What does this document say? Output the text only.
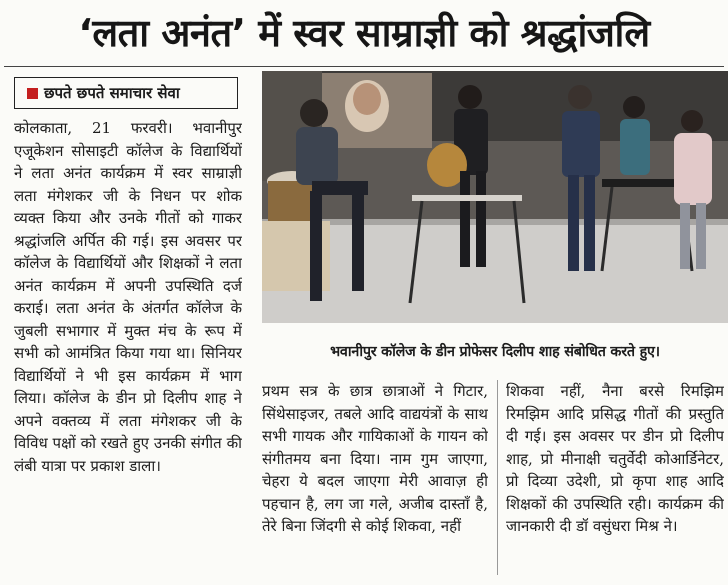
‘लता अनंत’ में स्वर साम्राज्ञी को श्रद्धांजलि
छपते छपते समाचार सेवा

कोलकाता, 21 फरवरी। भवानीपुर एजूकेशन सोसाइटी कॉलेज के विद्यार्थियों ने लता अनंत कार्यक्रम में स्वर साम्राज्ञी लता मंगेशकर जी के निधन पर शोक व्यक्त किया और उनके गीतों को गाकर श्रद्धांजलि अर्पित की गई। इस अवसर पर कॉलेज के विद्यार्थियों और शिक्षकों ने लता अनंत कार्यक्रम में अपनी उपस्थिति दर्ज कराई। लता अनंत के अंतर्गत कॉलेज के जुबली सभागार में मुक्त मंच के रूप में सभी को आमंत्रित किया गया था। सिनियर विद्यार्थियों ने भी इस कार्यक्रम में भाग लिया। कॉलेज के डीन प्रो दिलीप शाह ने अपने वक्तव्य में लता मंगेशकर जी के विविध पक्षों को रखते हुए उनकी संगीत की लंबी यात्रा पर प्रकाश डाला।

भवानीपुर कॉलेज के डीन प्रोफेसर दिलीप शाह संबोधित करते हुए।

प्रथम सत्र के छात्र छात्राओं ने गिटार, सिंथेसाइजर, तबले आदि वाद्ययंत्रों के साथ सभी गायक और गायिकाओं के गायन को संगीतमय बना दिया। नाम गुम जाएगा, चेहरा ये बदल जाएगा मेरी आवाज़ ही पहचान है, लग जा गले, अजीब दास्ताँ है, तेरे बिना जिंदगी से कोई शिकवा, नहीं

शिकवा नहीं, नैना बरसे रिमझिम रिमझिम आदि प्रसिद्ध गीतों की प्रस्तुति दी गई। इस अवसर पर डीन प्रो दिलीप शाह, प्रो मीनाक्षी चतुर्वेदी कोआर्डिनेटर, प्रो दिव्या उदेशी, प्रो कृपा शाह आदि शिक्षकों की उपस्थिति रही। कार्यक्रम की जानकारी दी डॉ वसुंधरा मिश्र ने।
